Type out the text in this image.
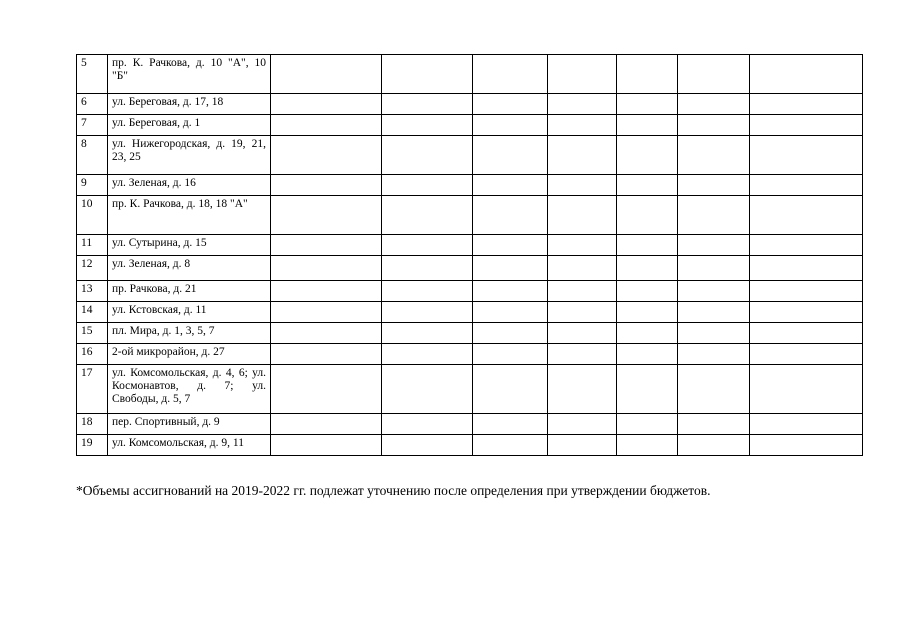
5	пр. К. Рачкова, д. 10 "А", 10 "Б"							
6	ул. Береговая, д. 17, 18							
7	ул. Береговая, д. 1							
8	ул. Нижегородская, д. 19, 21, 23, 25							
9	ул. Зеленая, д. 16							
10	пр. К. Рачкова, д. 18, 18 "А"							
11	ул. Сутырина, д. 15							
12	ул. Зеленая, д. 8							
13	пр. Рачкова, д. 21							
14	ул. Кстовская, д. 11							
15	пл. Мира, д. 1, 3, 5, 7							
16	2-ой микрорайон, д. 27							
17	ул. Комсомольская, д. 4, 6; ул. Космонавтов, д. 7; ул. Свободы, д. 5, 7							
18	пер. Спортивный, д. 9							
19	ул. Комсомольская, д. 9, 11							
*Объемы ассигнований на 2019-2022 гг. подлежат уточнению после определения при утверждении бюджетов.
